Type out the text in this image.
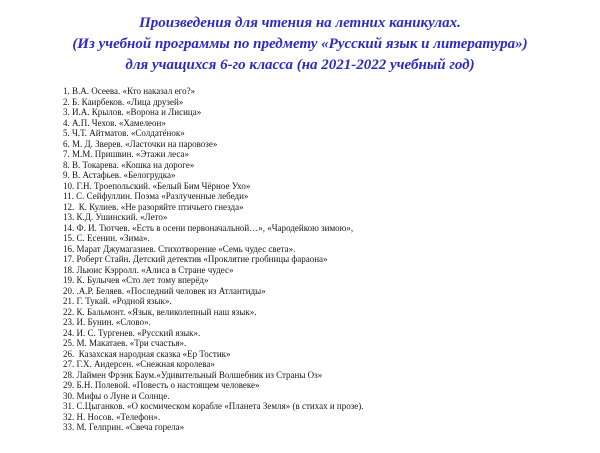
Произведения для чтения на летних каникулах.
(Из учебной программы по предмету «Русский язык и литература»)
для учащихся 6-го класса (на 2021-2022 учебный год)
1. В.А. Осеева. «Кто наказал его?»
2. Б. Каирбеков. «Лица друзей»
3. И.А. Крылов. «Ворона и Лисица»
4. А.П. Чехов. «Хамелеон»
5. Ч.Т. Айтматов. «Солдатёнок»
6. М. Д. Зверев. «Ласточки на паровозе»
7. М.М. Пришвин. «Этажи леса»
8. В. Токарева. «Кошка на дороге»
9. В. Астафьев. «Белогрудка»
10. Г.Н. Троепольский. «Белый Бим Чёрное Ухо»
11. С. Сейфуллин. Поэма «Разлученные лебеди»
12.  К. Кулиев. «Не разоряйте птичьего гнезда»
13. К.Д. Ушинский. «Лето»
14. Ф. И. Тютчев. «Есть в осени первоначальной…», «Чародейкою зимою»,
15. С. Есенин. «Зима».
16. Марат Джумагазиев. Стихотворение «Семь чудес света».
17. Роберт Стайн. Детский детектив «Проклятие гробницы фараона»
18. Льюис Кэрролл. «Алиса в Стране чудес»
19. К. Булычев «Сто лет тому вперёд»
20. .А.Р. Беляев. «Последний человек из Атлантиды»
21. Г. Тукай. «Родной язык».
22. К. Бальмонт. «Язык, великолепный наш язык».
23. И. Бунин. «Слово».
24. И. С. Тургенев. «Русский язык».
25. М. Макатаев. «Три счастья».
26.  Казахская народная сказка «Ер Тостик»
27. Г.Х. Андерсен. «Снежная королева»
28. Лаймен Фрэнк Баум.«Удивительный Волшебник из Страны Оз»
29. Б.Н. Полевой. «Повесть о настоящем человеке»
30. Мифы о Луне и Солнце.
31. С.Цыганков. «О космическом корабле «Планета Земля» (в стихах и прозе).
32. Н. Носов. «Телефон».
33. М. Гелприн. «Свеча горела»
